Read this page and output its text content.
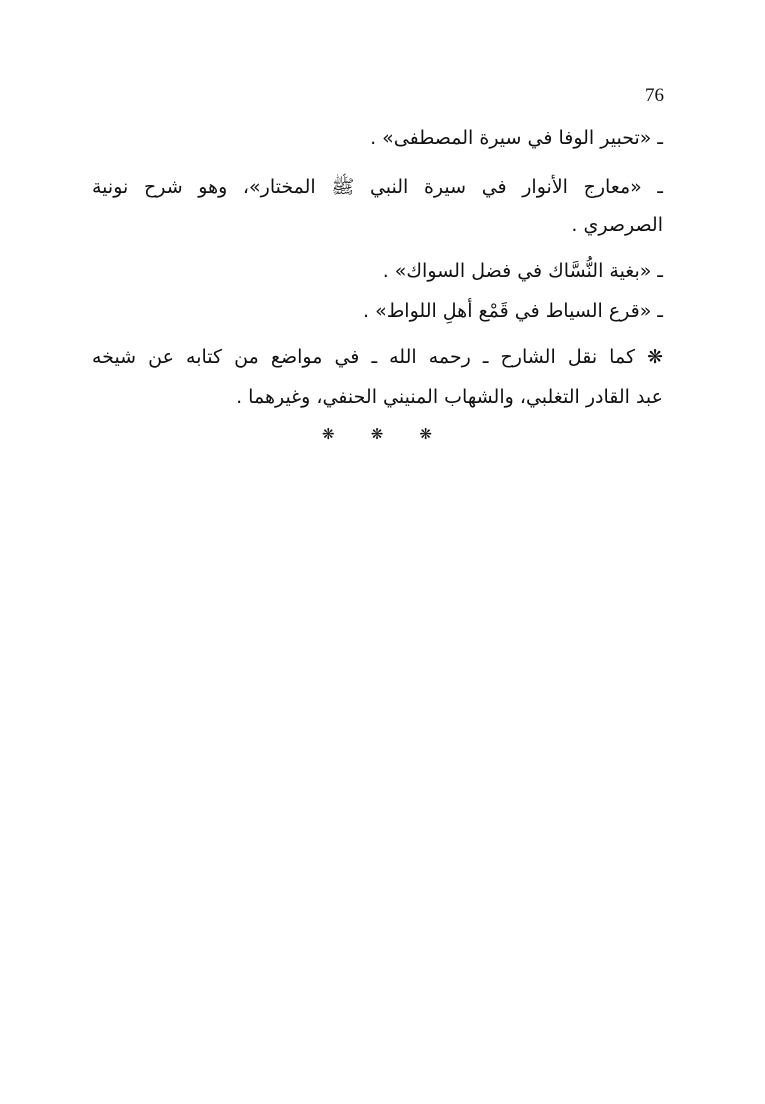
76
ـ «تحبير الوفا في سيرة المصطفى» .
ـ «معارج الأنوار في سيرة النبي ﷺ المختار»، وهو شرح نونية
الصرصري .
ـ «بغية النُّسَّاك في فضل السواك» .
ـ «قرع السياط في قَمْع أهلِ اللواط» .
❋ كما نقل الشارح ـ رحمه الله ـ في مواضع من كتابه عن شيخه
عبد القادر التغلبي، والشهاب المنيني الحنفي، وغيرهما .
❋ ❋ ❋
